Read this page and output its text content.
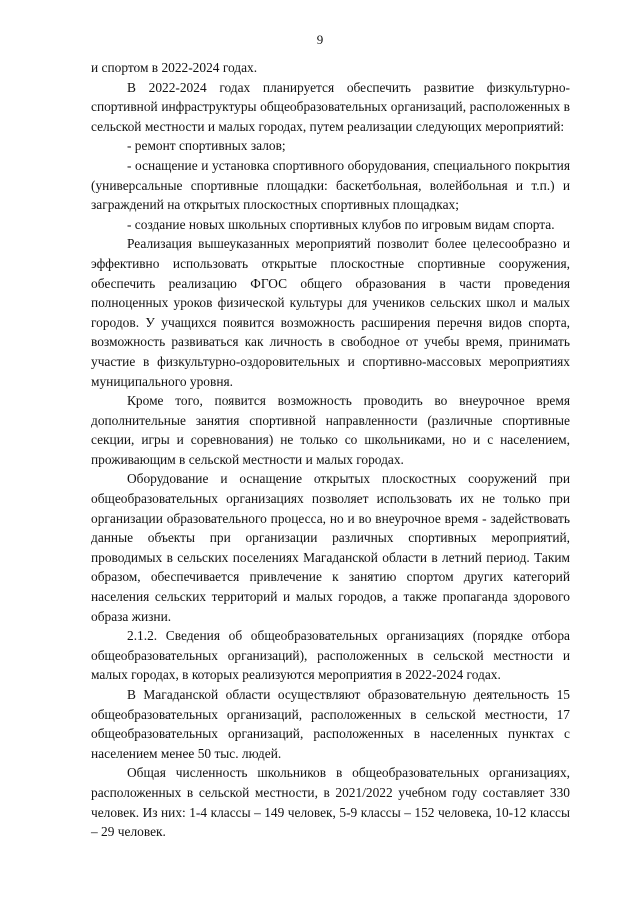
9

и спортом в 2022-2024 годах.

В 2022-2024 годах планируется обеспечить развитие физкультурно-спортивной инфраструктуры общеобразовательных организаций, расположенных в сельской местности и малых городах, путем реализации следующих мероприятий:

- ремонт спортивных залов;

- оснащение и установка спортивного оборудования, специального покрытия (универсальные спортивные площадки: баскетбольная, волейбольная и т.п.) и заграждений на открытых плоскостных спортивных площадках;

- создание новых школьных спортивных клубов по игровым видам спорта.

Реализация вышеуказанных мероприятий позволит более целесообразно и эффективно использовать открытые плоскостные спортивные сооружения, обеспечить реализацию ФГОС общего образования в части проведения полноценных уроков физической культуры для учеников сельских школ и малых городов. У учащихся появится возможность расширения перечня видов спорта, возможность развиваться как личность в свободное от учебы время, принимать участие в физкультурно-оздоровительных и спортивно-массовых мероприятиях муниципального уровня.

Кроме того, появится возможность проводить во внеурочное время дополнительные занятия спортивной направленности (различные спортивные секции, игры и соревнования) не только со школьниками, но и с населением, проживающим в сельской местности и малых городах.

Оборудование и оснащение открытых плоскостных сооружений при общеобразовательных организациях позволяет использовать их не только при организации образовательного процесса, но и во внеурочное время - задействовать данные объекты при организации различных спортивных мероприятий, проводимых в сельских поселениях Магаданской области в летний период. Таким образом, обеспечивается привлечение к занятию спортом других категорий населения сельских территорий и малых городов, а также пропаганда здорового образа жизни.

2.1.2. Сведения об общеобразовательных организациях (порядке отбора общеобразовательных организаций), расположенных в сельской местности и малых городах, в которых реализуются мероприятия в 2022-2024 годах.

В Магаданской области осуществляют образовательную деятельность 15 общеобразовательных организаций, расположенных в сельской местности, 17 общеобразовательных организаций, расположенных в населенных пунктах с населением менее 50 тыс. людей.

Общая численность школьников в общеобразовательных организациях, расположенных в сельской местности, в 2021/2022 учебном году составляет 330 человек. Из них: 1-4 классы – 149 человек, 5-9 классы – 152 человека, 10-12 классы – 29 человек.
